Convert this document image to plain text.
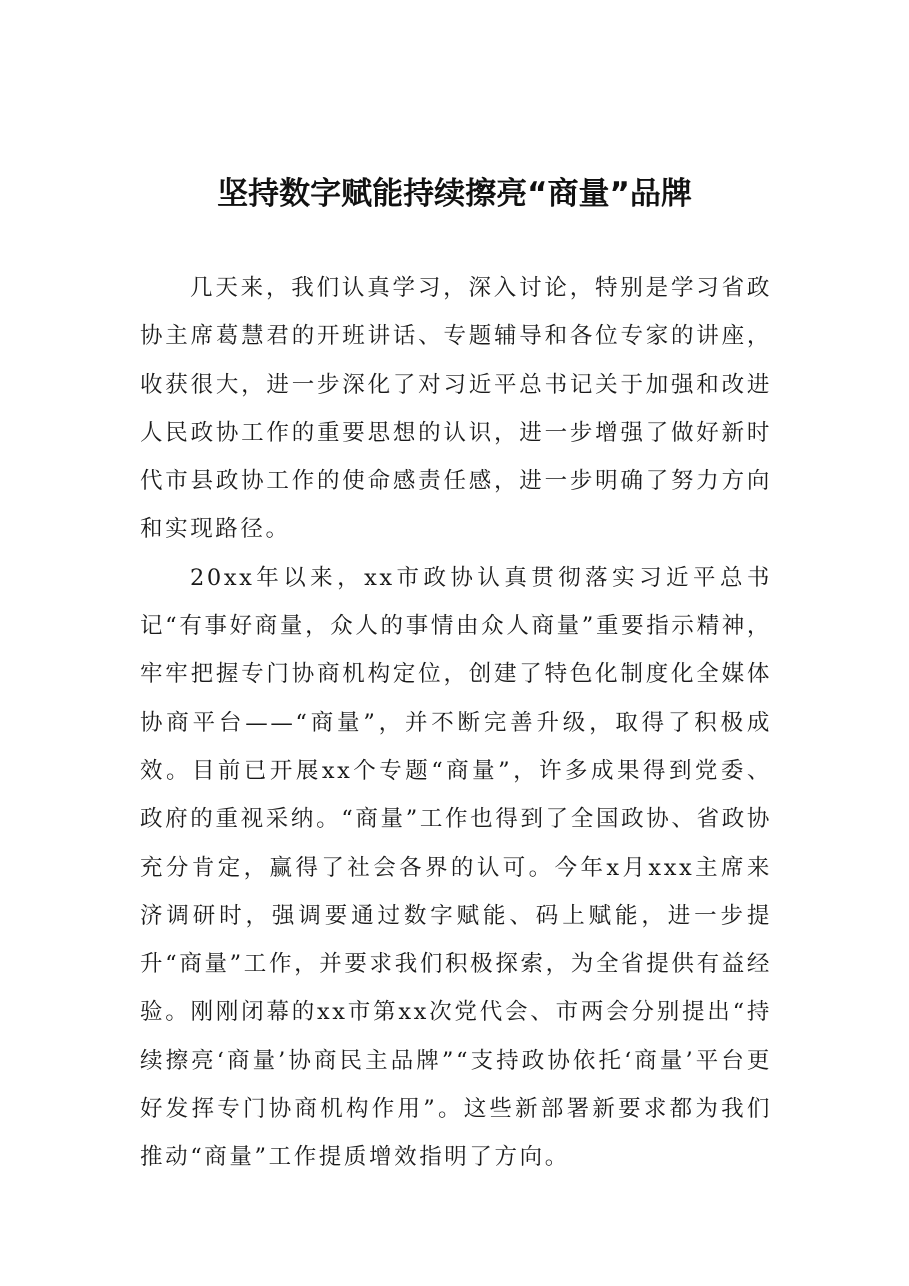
坚持数字赋能持续擦亮“商量”品牌

几天来，我们认真学习，深入讨论，特别是学习省政协主席葛慧君的开班讲话、专题辅导和各位专家的讲座，收获很大，进一步深化了对习近平总书记关于加强和改进人民政协工作的重要思想的认识，进一步增强了做好新时代市县政协工作的使命感责任感，进一步明确了努力方向和实现路径。

20xx年以来，xx市政协认真贯彻落实习近平总书记“有事好商量，众人的事情由众人商量”重要指示精神，牢牢把握专门协商机构定位，创建了特色化制度化全媒体协商平台——“商量”，并不断完善升级，取得了积极成效。目前已开展xx个专题“商量”，许多成果得到党委、政府的重视采纳。“商量”工作也得到了全国政协、省政协充分肯定，赢得了社会各界的认可。今年x月xxx主席来济调研时，强调要通过数字赋能、码上赋能，进一步提升“商量”工作，并要求我们积极探索，为全省提供有益经验。刚刚闭幕的xx市第xx次党代会、市两会分别提出“持续擦亮‘商量’协商民主品牌”“支持政协依托‘商量’平台更好发挥专门协商机构作用”。这些新部署新要求都为我们推动“商量”工作提质增效指明了方向。
